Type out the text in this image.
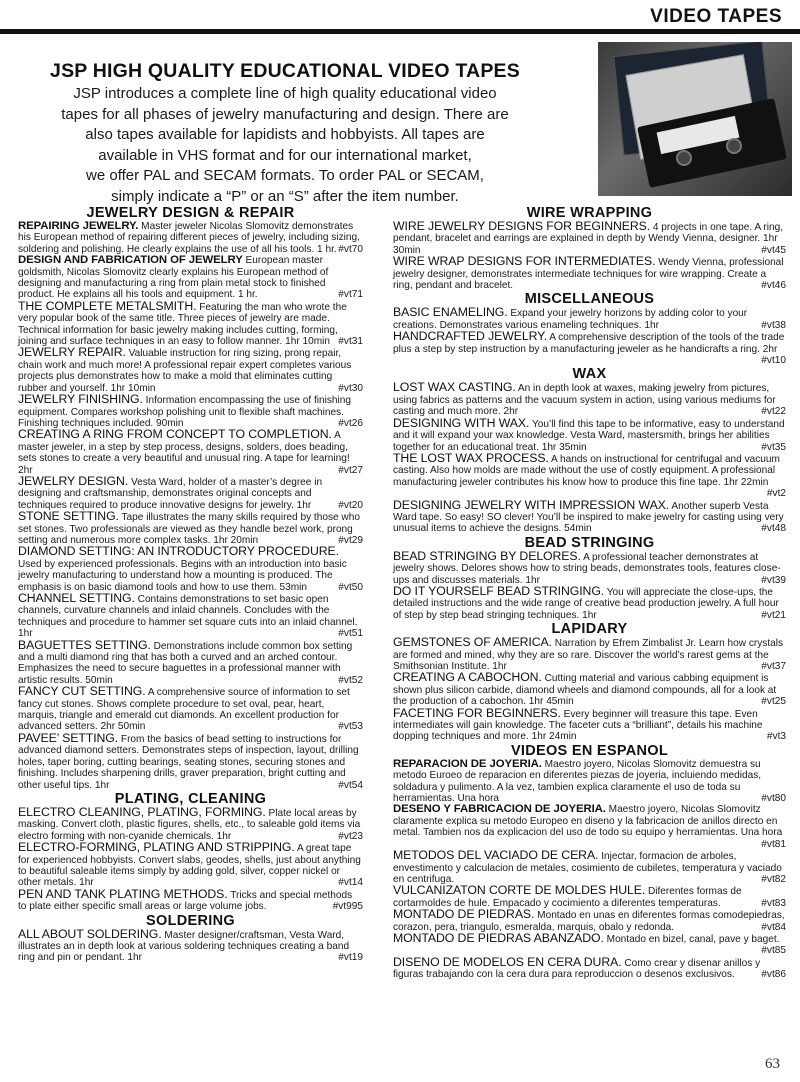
VIDEO TAPES
JSP HIGH QUALITY EDUCATIONAL VIDEO TAPES
JSP introduces a complete line of high quality educational video
tapes for all phases of jewelry manufacturing and design. There are
also tapes available for lapidists and hobbyists. All tapes are
available in VHS format and for our international market,
we offer PAL and SECAM formats. To order PAL or SECAM,
simply indicate a “P” or an “S” after the item number.
JEWELRY DESIGN & REPAIR
REPAIRING JEWELRY. Master jeweler Nicolas Slomovitz demonstrates his European method of repairing different pieces of jewelry, including sizing, soldering and polishing. He clearly explains the use of all his tools. 1 hr. #vt70
DESIGN AND FABRICATION OF JEWELRY European master goldsmith, Nicolas Slomovitz clearly explains his European method of designing and manufacturing a ring from plain metal stock to finished product. He explains all his tools and equipment. 1 hr.	#vt71
THE COMPLETE METALSMITH. Featuring the man who wrote the very popular book of the same title. Three pieces of jewelry are made. Technical information for basic jewelry making includes cutting, forming, joining and surface techniques in an easy to follow manner. 1hr 10min #vt31
JEWELRY REPAIR. Valuable instruction for ring sizing, prong repair, chain work and much more! A professional repair expert completes various projects plus demonstrates how to make a mold that eliminates cutting rubber and yourself. 1hr 10min	#vt30
JEWELRY FINISHING. Information encompassing the use of finishing equipment. Compares workshop polishing unit to flexible shaft machines. Finishing techniques included. 90min	#vt26
CREATING A RING FROM CONCEPT TO COMPLETION. A master jeweler, in a step by step process, designs, solders, does beading, sets stones to create a very beautiful and unusual ring. A tape for learning! 2hr	#vt27
JEWELRY DESIGN. Vesta Ward, holder of a master’s degree in designing and craftsmanship, demonstrates original concepts and techniques required to produce innovative designs for jewelry. 1hr	#vt20
STONE SETTING. Tape illustrates the many skills required by those who set stones. Two professionals are viewed as they handle bezel work, prong setting and numerous more complex tasks. 1hr 20min	#vt29
DIAMOND SETTING: AN INTRODUCTORY PROCEDURE. Used by experienced professionals. Begins with an introduction into basic jewelry manufacturing to understand how a mounting is produced. The emphasis is on basic diamond tools and how to use them. 53min	#vt50
CHANNEL SETTING. Contains demonstrations to set basic open channels, curvature channels and inlaid channels. Concludes with the techniques and procedure to hammer set square cuts into an inlaid channel. 1hr	#vt51
BAGUETTES SETTING. Demonstrations include common box setting and a multi diamond ring that has both a curved and an arched contour. Emphasizes the need to secure baguettes in a professional manner with artistic results. 50min	#vt52
FANCY CUT SETTING. A comprehensive source of information to set fancy cut stones. Shows complete procedure to set oval, pear, heart, marquis, triangle and emerald cut diamonds. An excellent production for advanced setters. 2hr 50min	#vt53
PAVEE’ SETTING. From the basics of bead setting to instructions for advanced diamond setters. Demonstrates steps of inspection, layout, drilling holes, taper boring, cutting bearings, seating stones, securing stones and finishing. Includes sharpening drills, graver preparation, bright cutting and other useful tips. 1hr	#vt54
PLATING, CLEANING
ELECTRO CLEANING, PLATING, FORMING. Plate local areas by masking. Convert cloth, plastic figures, shells, etc., to saleable gold items via electro forming with non-cyanide chemicals. 1hr	#vt23
ELECTRO-FORMING, PLATING AND STRIPPING. A great tape for experienced hobbyists. Convert slabs, geodes, shells, just about anything to beautiful saleable items simply by adding gold, silver, copper nickel or other metals. 1hr	#vt14
PEN AND TANK PLATING METHODS. Tricks and special methods to plate either specific small areas or large volume jobs.	#vt995
SOLDERING
ALL ABOUT SOLDERING. Master designer/craftsman, Vesta Ward, illustrates an in depth look at various soldering techniques creating a band ring and pin or pendant. 1hr	#vt19
WIRE WRAPPING
WIRE JEWELRY DESIGNS FOR BEGINNERS. 4 projects in one tape. A ring, pendant, bracelet and earrings are explained in depth by Wendy Vienna, designer. 1hr 30min	#vt45
WIRE WRAP DESIGNS FOR INTERMEDIATES. Wendy Vienna, professional jewelry designer, demonstrates intermediate techniques for wire wrapping. Create a ring, pendant and bracelet.	#vt46
MISCELLANEOUS
BASIC ENAMELING. Expand your jewelry horizons by adding color to your creations. Demonstrates various enameling techniques. 1hr	#vt38
HANDCRAFTED JEWELRY. A comprehensive description of the tools of the trade plus a step by step instruction by a manufacturing jeweler as he handicrafts a ring. 2hr
#vt10
WAX
LOST WAX CASTING. An in depth look at waxes, making jewelry from pictures, using fabrics as patterns and the vacuum system in action, using various mediums for casting and much more. 2hr	#vt22
DESIGNING WITH WAX. You’ll find this tape to be informative, easy to understand and it will expand your wax knowledge. Vesta Ward, mastersmith, brings her abilities together for an educational treat. 1hr 35min	#vt35
THE LOST WAX PROCESS. A hands on instructional for centrifugal and vacuum casting. Also how molds are made without the use of costly equipment. A professional manufacturing jeweler contributes his know how to produce this fine tape. 1hr 22min
#vt2
DESIGNING JEWELRY WITH IMPRESSION WAX. Another superb Vesta Ward tape. So easy! SO clever! You’ll be inspired to make jewelry for casting using very unusual items to achieve the designs. 54min	#vt48
BEAD STRINGING
BEAD STRINGING BY DELORES. A professional teacher demonstrates at jewelry shows. Delores shows how to string beads, demonstrates tools, features close-ups and discusses materials. 1hr	#vt39
DO IT YOURSELF BEAD STRINGING. You will appreciate the close-ups, the detailed instructions and the wide range of creative bead production jewelry. A full hour of step by step bead stringing techniques. 1hr	#vt21
LAPIDARY
GEMSTONES OF AMERICA. Narration by Efrem Zimbalist Jr. Learn how crystals are formed and mined, why they are so rare. Discover the world’s rarest gems at the Smithsonian Institute. 1hr	#vt37
CREATING A CABOCHON. Cutting material and various cabbing equipment is shown plus silicon carbide, diamond wheels and diamond compounds, all for a look at the production of a cabochon. 1hr 45min	#vt25
FACETING FOR BEGINNERS. Every beginner will treasure this tape. Even intermediates will gain knowledge. The faceter cuts a “brilliant”, details his machine dopping techniques and more. 1hr 24min	#vt3
VIDEOS EN ESPANOL
REPARACION DE JOYERIA. Maestro joyero, Nicolas Slomovitz demuestra su metodo Euroeo de reparacion en diferentes piezas de joyeria, incluiendo medidas, soldadura y pulimento. A la vez, tambien explica claramente el uso de toda su herramientas. Una hora	#vt80
DESENO Y FABRICACION DE JOYERIA. Maestro joyero, Nicolas Slomovitz claramente explica su metodo Europeo en diseno y la fabricacion de anillos directo en metal. Tambien nos da explicacion del uso de todo su equipo y herramientas. Una hora
#vt81
METODOS DEL VACIADO DE CERA. Injectar, formacion de arboles, envestimento y calculacion de metales, cosimiento de cubiletes, temperatura y vaciado en centrifuga.	#vt82
VULCANIZATON CORTE DE MOLDES HULE. Diferentes formas de cortarmoldes de hule. Empacado y cocimiento a diferentes temperaturas.	#vt83
MONTADO DE PIEDRAS. Montado en unas en diferentes formas comodepiedras, corazon, pera, triangulo, esmeralda, marquis, obalo y redonda.	#vt84
MONTADO DE PIEDRAS ABANZADO. Montado en bizel, canal, pave y baget.
#vt85
DISENO DE MODELOS EN CERA DURA. Como crear y disenar anillos y figuras trabajando con la cera dura para reproduccion o desenos exclusivos.	#vt86
63
